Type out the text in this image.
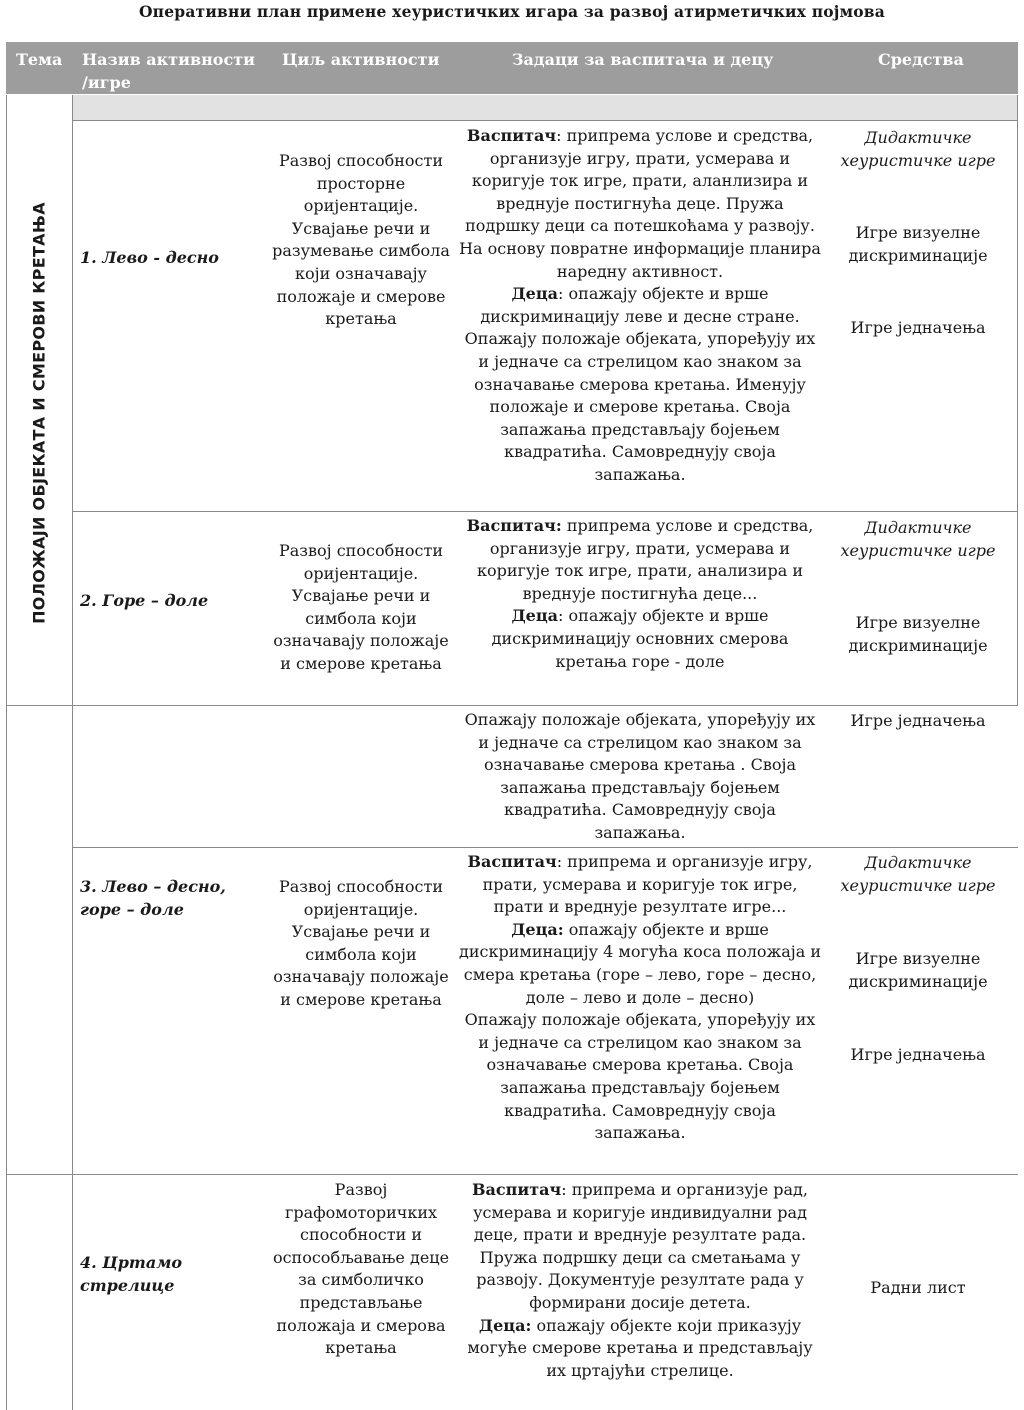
Оперативни план примене хеуристичких игара за развој атирметичких појмова
Тема Назив активности
/игре
Циљ активности	Задаци за васпитача и децу	Средства
ПОЛОЖАЈИ ОБЈЕКАТА И СМЕРОВИ КРЕТАЊА 1. Лево - десно
Развој способности просторне оријентације. Усвајање речи и разумевање симбола који означавају положаје и смерове кретања
Васпитач: припрема услове и средства, организује игру, прати, усмерава и коригује ток игре, прати, аланлизира и вреднује постигнућа деце. Пружа подршку деци са потешкоћама у развоју. На основу повратне информације планира наредну активност.
Деца: опажају објекте и врше дискриминацију леве и десне стране. Опажају положаје објеката, упоређују их и једначе са стрелицом као знаком за означавање смерова кретања. Именују положаје и смерове кретања. Своја запажања представљају бојењем квадратића. Самовреднују своја запажања.
Дидактичке хеуристичке игре
Игре визуелне дискриминације
Игре једначења
2. Горе – доле
Развој способности оријентације. Усвајање речи и симбола који означавају положаје и смерове кретања
Васпитач: припрема услове и средства, организује игру, прати, усмерава и коригује ток игре, прати, анализира и вреднује постигнућа деце...
Деца: опажају објекте и врше дискриминацију основних смерова кретања горе - доле
Дидактичке хеуристичке игре
Игре визуелне дискриминације
Опажају положаје објеката, упоређују их и једначе са стрелицом као знаком за означавање смерова кретања . Своја запажања представљају бојењем квадратића. Самовреднују своја запажања.
Игре једначења
3. Лево – десно,
горе – доле
Развој способности оријентације. Усвајање речи и симбола који означавају положаје и смерове кретања
Васпитач: припрема и организује игру, прати, усмерава и коригује ток игре, прати и вреднује резултате игре...
Деца: опажају објекте и врше дискриминацију 4 могућа коса положаја и смера кретања (горе – лево, горе – десно, доле – лево и доле – десно)
Опажају положаје објеката, упоређују их и једначе са стрелицом као знаком за означавање смерова кретања. Своја запажања представљају бојењем квадратића. Самовреднују своја запажања.
Дидактичке хеуристичке игре
Игре визуелне дискриминације
Игре једначења
4. Цртамо
стрелице
Развој графомоторичких способности и оспособљавање деце за симболичко представљање положаја и смерова кретања
Васпитач: припрема и организује рад, усмерава и коригује индивидуални рад деце, прати и вреднује резултате рада. Пружа подршку деци са сметањама у развоју. Документује резултате рада у формирани досије детета.
Деца: опажају објекте који приказују могуће смерове кретања и представљају их цртајући стрелице.
Радни лист
